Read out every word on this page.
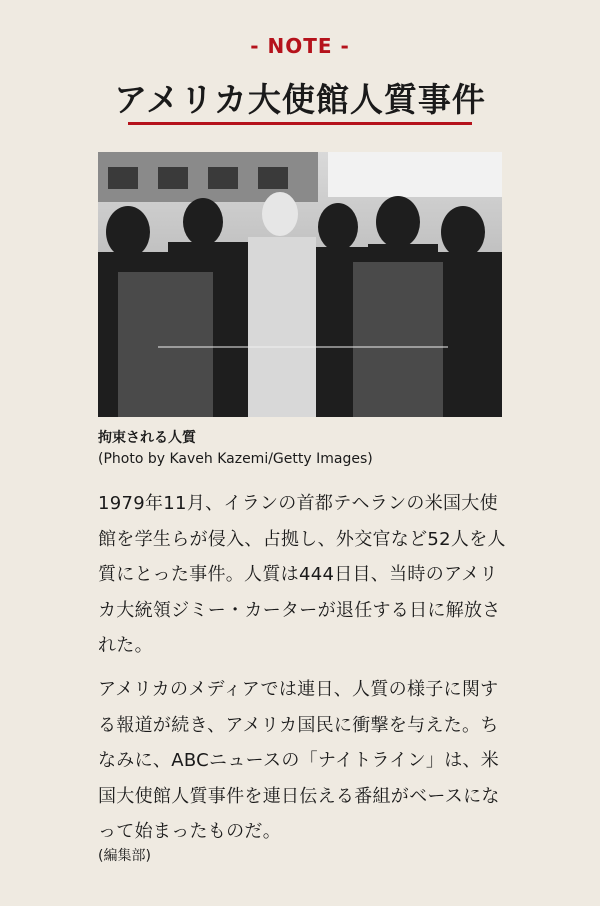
- NOTE -
アメリカ大使館人質事件
拘束される人質
(Photo by Kaveh Kazemi/Getty Images)

1979年11月、イランの首都テヘランの米国大使館を学生らが侵入、占拠し、外交官など52人を人質にとった事件。人質は444日目、当時のアメリカ大統領ジミー・カーターが退任する日に解放された。

アメリカのメディアでは連日、人質の様子に関する報道が続き、アメリカ国民に衝撃を与えた。ちなみに、ABCニュースの「ナイトライン」は、米国大使館人質事件を連日伝える番組がベースになって始まったものだ。

(編集部)
